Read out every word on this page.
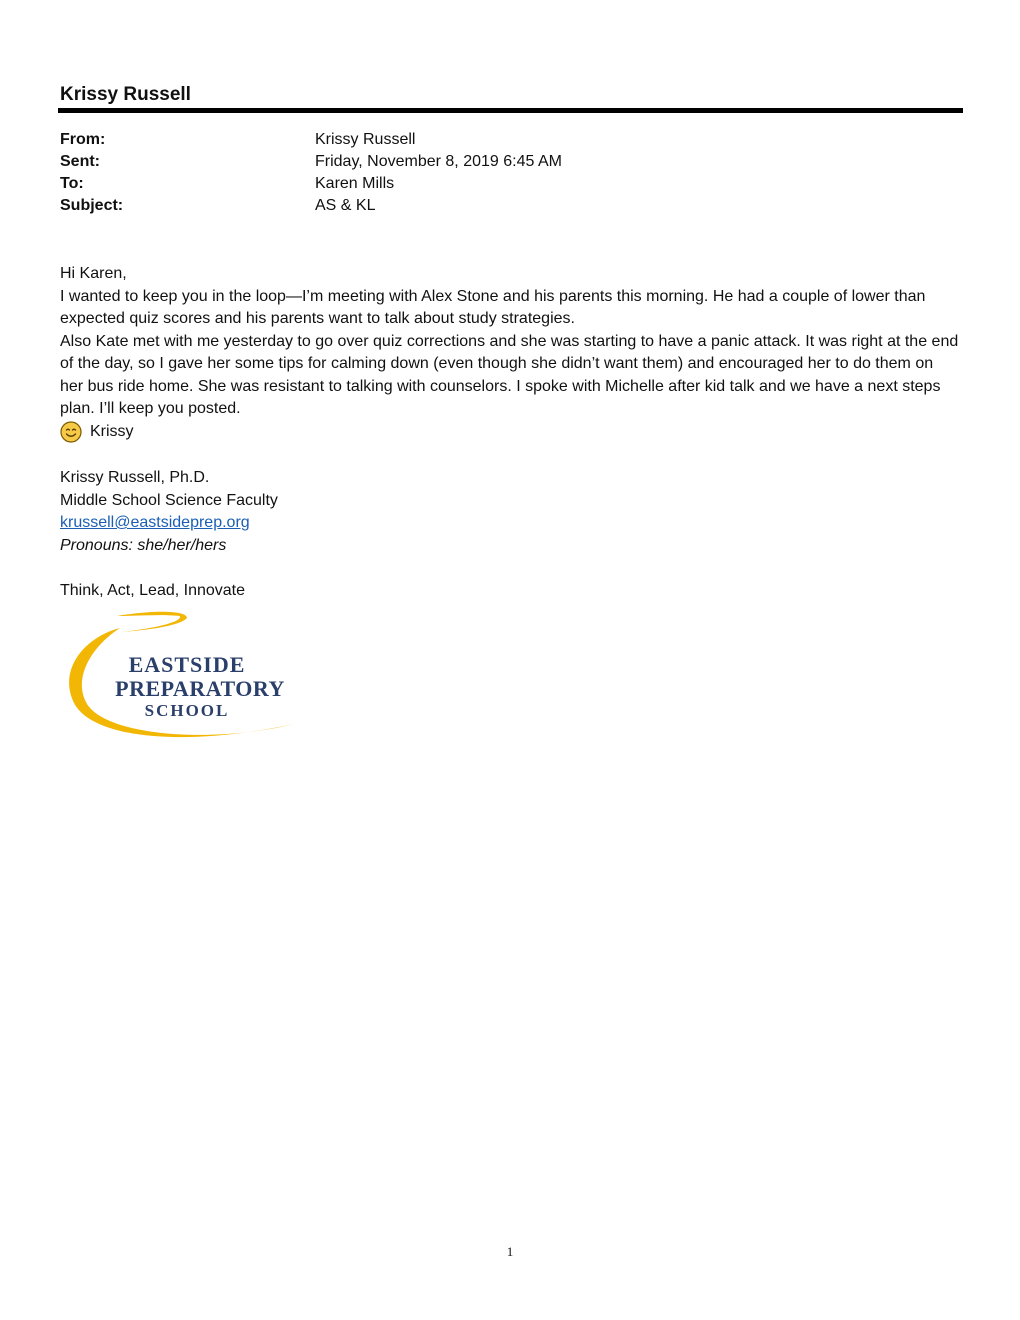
Krissy Russell
From:	Krissy Russell
Sent:	Friday, November 8, 2019 6:45 AM
To:	Karen Mills
Subject:	AS & KL

Hi Karen,

I wanted to keep you in the loop—I’m meeting with Alex Stone and his parents this morning. He had a couple of lower than expected quiz scores and his parents want to talk about study strategies.

Also Kate met with me yesterday to go over quiz corrections and she was starting to have a panic attack. It was right at the end of the day, so I gave her some tips for calming down (even though she didn’t want them) and encouraged her to do them on her bus ride home. She was resistant to talking with counselors. I spoke with Michelle after kid talk and we have a next steps plan. I’ll keep you posted.

Krissy

Krissy Russell, Ph.D.

Middle School Science Faculty

krussell@eastsideprep.org

Pronouns: she/her/hers

Think, Act, Lead, Innovate

EASTSIDE
PREPARATORY
SCHOOL
1
